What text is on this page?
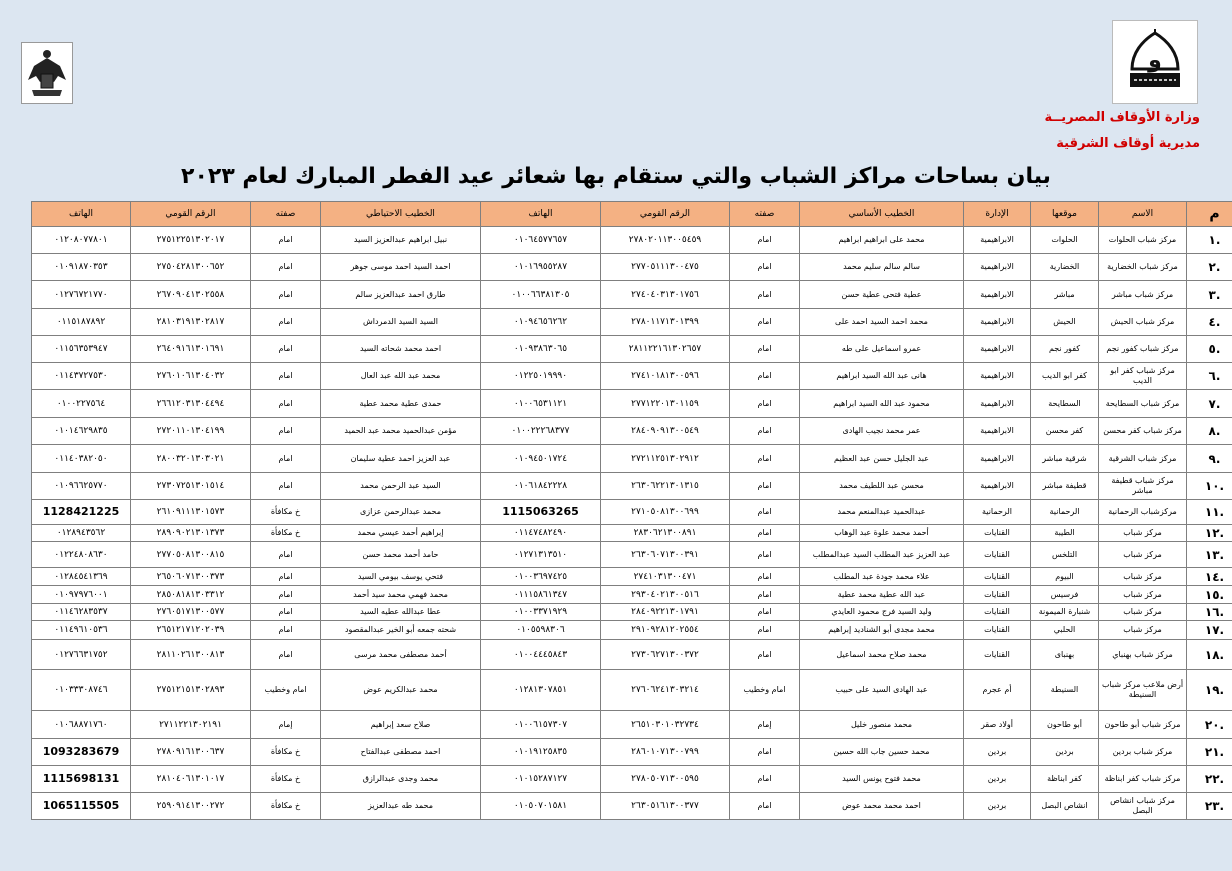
و
وزارة الأوقاف المصريــة
مديرية أوقاف الشرقية
بيان بساحات مراكز الشباب والتي ستقام بها شعائر عيد الفطر المبارك لعام ٢٠٢٣
م	الاسم	موقعها	الإدارة	الخطيب الأساسي	صفته	الرقم القومي	الهاتف	الخطيب الاحتياطي	صفته	الرقم القومي	الهاتف
١.	مركز شباب الحلوات	الحلوات	الابراهيمية	محمد على ابراهيم ابراهيم	امام	٢٧٨٠٢٠١١٣٠٠٥٤٥٩	٠١٠٦٤٥٧٧٦٥٧	نبيل ابراهيم عبدالعزيز السيد	امام	٢٧٥١٢٢٥١٣٠٢٠١٧	٠١٢٠٨٠٧٧٨٠١
٢.	مركز شباب الخضارية	الخضارية	الابراهيمية	سالم سالم سليم محمد	امام	٢٧٧٠٥١١١٣٠٠٤٧٥	٠١٠١٦٩٥٥٢٨٧	احمد السيد احمد موسى جوهر	امام	٢٧٥٠٤٢٨١٣٠٠٦٥٢	٠١٠٩١٨٧٠٣٥٣
٣.	مركز شباب مباشر	مباشر	الابراهيمية	عطية فتحى عطية حسن	امام	٢٧٤٠٤٠٣١٣٠١٧٥٦	٠١٠٠٦٦٣٨١٣٠٥	طارق احمد عبدالعزيز سالم	امام	٢٦٧٠٩٠٤١٣٠٢٥٥٨	٠١٢٧٦٧٢١٧٧٠
٤.	مركز شباب الحيش	الحيش	الابراهيمية	محمد احمد السيد احمد على	امام	٢٧٨٠١١٧١٣٠١٣٩٩	٠١٠٩٤٦٥٦٢٦٢	السيد السيد الدمرداش	امام	٢٨١٠٣١٩١٣٠٢٨١٧	٠١١٥١٨٧٨٩٢
٥.	مركز شباب كفور نجم	كفور نجم	الابراهيمية	عمرو اسماعيل على طه	امام	٢٨١١٢٢١٦١٣٠٢٦٥٧	٠١٠٩٣٨٦٣٠٦٥	احمد محمد شحاته السيد	امام	٢٦٤٠٩١٦١٣٠١٦٩١	٠١١٥٦٣٥٣٩٤٧
٦.	مركز شباب كفر ابو الديب	كفر ابو الديب	الابراهيمية	هانى عبد الله السيد ابراهيم	امام	٢٧٤١٠١٨١٣٠٠٥٩٦	٠١٢٢٥٠١٩٩٩٠	محمد عبد الله عبد العال	امام	٢٧٦٠١٠٦١٣٠٤٠٣٢	٠١١٤٣٧٢٧٥٣٠
٧.	مركز شباب السطايحة	السطايحة	الابراهيمية	محمود عبد الله السيد ابراهيم	امام	٢٧٧١٢٢٠١٣٠١١٥٩	٠١٠٠٦٥٣١١٢١	حمدى عطية محمد عطية	امام	٢٦٦١٢٠٣١٣٠٤٤٩٤	٠١٠٠٢٢٧٥٦٤
٨.	مركز شباب كفر محسن	كفر محسن	الابراهيمية	عمر محمد نجيب الهادى	امام	٢٨٤٠٩٠٩١٣٠٠٥٤٩	٠١٠٠٢٢٢٦٨٣٧٧	مؤمن عبدالحميد محمد عبد الحميد	امام	٢٧٢٠١١٠١٣٠٤١٩٩	٠١٠١٤٦٢٩٨٣٥
٩.	مركز شباب الشرقية	شرقية مباشر	الابراهيمية	عبد الجليل حسن عبد العظيم	امام	٢٧٢١١٢٥١٣٠٢٩١٢	٠١٠٩٤٥٠١٧٢٤	عبد العزيز احمد عطية سليمان	امام	٢٨٠٠٣٢٠١٣٠٣٠٢١	٠١١٤٠٣٨٢٠٥٠
١٠.	مركز شباب قطيفة مباشر	قطيفة مباشر	الابراهيمية	محسن عبد اللطيف محمد	امام	٢٦٣٠٦٢٢١٣٠١٣١٥	٠١٠٦١٨٤٢٢٢٨	السيد عبد الرحمن محمد	امام	٢٧٣٠٧٢٥١٣٠١٥١٤	٠١٠٩٦٦٢٥٧٧٠
١١.	مركزشباب الرحمانية	الرحمانية	الرحمانية	عبدالحميد عبدالمنعم محمد	امام	٢٧١٠٥٠٨١٣٠٠٦٩٩	1115063265	محمد عبدالرحمن عزازى	خ مكافأة	٢٦١٠٩١١١٣٠١٥٧٣	1128421225
١٢.	مركز شباب	الطيبة	القنايات	أحمد محمد علوة عبد الوهاب	امام	٢٨٣٠٦٢١٣٠٠٨٩١	٠١١٤٧٤٨٢٤٩٠	إبراهيم أحمد عيسي محمد	خ مكافأة	٢٨٩٠٩٠٢١٣٠١٣٧٣	٠١٢٨٩٤٣٥٦٢
١٣.	مركز شباب	التلخس	القنايات	عبد العزيز عبد المطلب السيد عبدالمطلب	امام	٢٦٣٠٦٠٧١٣٠٠٣٩١	٠١٢٧١٣١٣٥١٠	حامد أحمد محمد حسن	امام	٢٧٧٠٥٠٨١٣٠٠٨١٥	٠١٢٢٤٨٠٨٦٣٠
١٤.	مركز شباب	البيوم	القنايات	علاء محمد جودة عبد المطلب	امام	٢٧٤١٠٣١٣٠٠٤٧١	٠١٠٠٣٦٩٧٤٢٥	فتحي يوسف بيومي السيد	امام	٢٦٥٠٦٠٧١٣٠٠٣٧٣	٠١٢٨٤٥٤١٣٦٩
١٥.	مركز شباب	فرسيس	القنايات	عبد الله عطية محمد عطية	امام	٢٩٣٠٤٠٢١٣٠٠٥١٦	٠١١١٥٨٦١٣٤٧	محمد فهمي محمد سيد أحمد	امام	٢٨٥٠٨١٨١٣٠٣٣١٢	٠١٠٩٧٩٧٦٠٠١
١٦.	مركز شباب	شنبارة الميمونة	القنايات	وليد السيد فرج محمود العايدي	امام	٢٨٤٠٩٢٢١٣٠١٧٩١	٠١٠٠٣٣٧١٩٢٩	عطا عبدالله عطيه السيد	امام	٢٧٦٠٥١٧١٣٠٠٥٧٧	٠١١٤٦٢٨٣٥٣٧
١٧.	مركز شباب	الحلبي	القنايات	محمد مجدى أبو الشناديد إبراهيم	امام	٢٩١٠٩٢٨١٢٠٢٥٥٤	٠١٠٥٥٩٨٣٠٦	شحته جمعه أبو الخير عبدالمقصود	امام	٢٦٥١٢١٧١٢٠٢٠٣٩	٠١١٤٩٦١٠٥٣٦
١٨.	مركز شباب بهنباي	بهنباى	القنايات	محمد صلاح محمد اسماعيل	امام	٢٧٣٠٦٢٧١٣٠٠٣٧٢	٠١٠٠٤٤٤٥٨٤٣	أحمد مصطفى محمد مرسى	امام	٢٨١١٠٢٦١٣٠٠٨١٣	٠١٢٧٦٦٣١٧٥٢
١٩.	أرض ملاعب مركز شباب السنيطة	السنيطة	أم عجرم	عبد الهادى السيد على حبيب	امام وخطيب	٢٧٦٠٦٢٤١٣٠٣٢١٤	٠١٢٨١٣٠٧٨٥١	محمد عبدالكريم عوض	امام وخطيب	٢٧٥١٢١٥١٣٠٢٨٩٣	٠١٠٣٣٣٠٨٧٤٦
٢٠.	مركز شباب أبو طاحون	أبو طاحون	أولاد صقر	محمد منصور خليل	إمام	٢٦٥١٠٣٠١٠٣٢٧٣٤	٠١٠٠٦١٥٧٣٠٧	صلاح سعد إبراهيم	إمام	٢٧١١٢٢١٣٠٢١٩١	٠١٠٦٨٨٧١٧٦٠
٢١.	مركز شباب بردين	بردين	بردين	محمد حسين جاب الله حسين	امام	٢٨٦٠١٠٧١٣٠٠٧٩٩	٠١٠١٩١٢٥٨٣٥	احمد مصطفى عبدالفتاح	خ مكافأة	٢٧٨٠٩١٦١٣٠٠٦٣٧	1093283679
٢٢.	مركز شباب كفر ابناظة	كفر ابناظة	بردين	محمد فتوح يونس السيد	امام	٢٧٨٠٥٠٧١٣٠٠٥٩٥	٠١٠١٥٢٨٧١٢٧	محمد وجدى عبدالرازق	خ مكافأة	٢٨١٠٤٠٦١٣٠١٠١٧	1115698131
٢٣.	مركز شباب انشاص البصل	انشاص البصل	بردين	احمد محمد محمد عوض	امام	٢٦٣٠٥١٦١٣٠٠٣٧٧	٠١٠٥٠٧٠١٥٨١	محمد طه عبدالعزيز	خ مكافأة	٢٥٩٠٩١٤١٣٠٠٢٧٢	1065115505
